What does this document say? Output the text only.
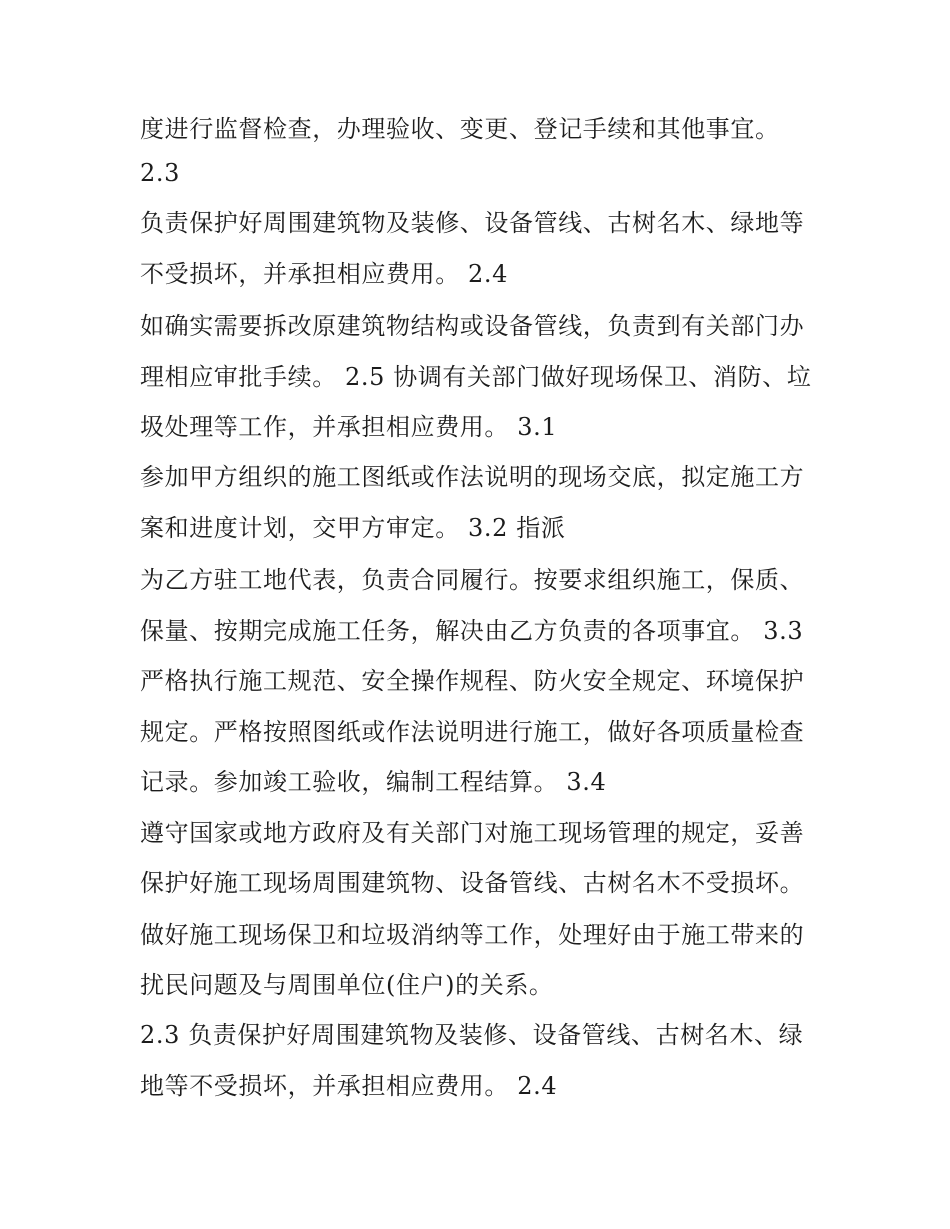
度进行监督检查，办理验收、变更、登记手续和其他事宜。
2.3
负责保护好周围建筑物及装修、设备管线、古树名木、绿地等
不受损坏，并承担相应费用。 2.4
如确实需要拆改原建筑物结构或设备管线，负责到有关部门办
理相应审批手续。 2.5 协调有关部门做好现场保卫、消防、垃
圾处理等工作，并承担相应费用。 3.1
参加甲方组织的施工图纸或作法说明的现场交底，拟定施工方
案和进度计划，交甲方审定。 3.2 指派
为乙方驻工地代表，负责合同履行。按要求组织施工，保质、
保量、按期完成施工任务，解决由乙方负责的各项事宜。 3.3
严格执行施工规范、安全操作规程、防火安全规定、环境保护
规定。严格按照图纸或作法说明进行施工，做好各项质量检查
记录。参加竣工验收，编制工程结算。 3.4
遵守国家或地方政府及有关部门对施工现场管理的规定，妥善
保护好施工现场周围建筑物、设备管线、古树名木不受损坏。
做好施工现场保卫和垃圾消纳等工作，处理好由于施工带来的
扰民问题及与周围单位(住户)的关系。
2.3 负责保护好周围建筑物及装修、设备管线、古树名木、绿
地等不受损坏，并承担相应费用。 2.4
